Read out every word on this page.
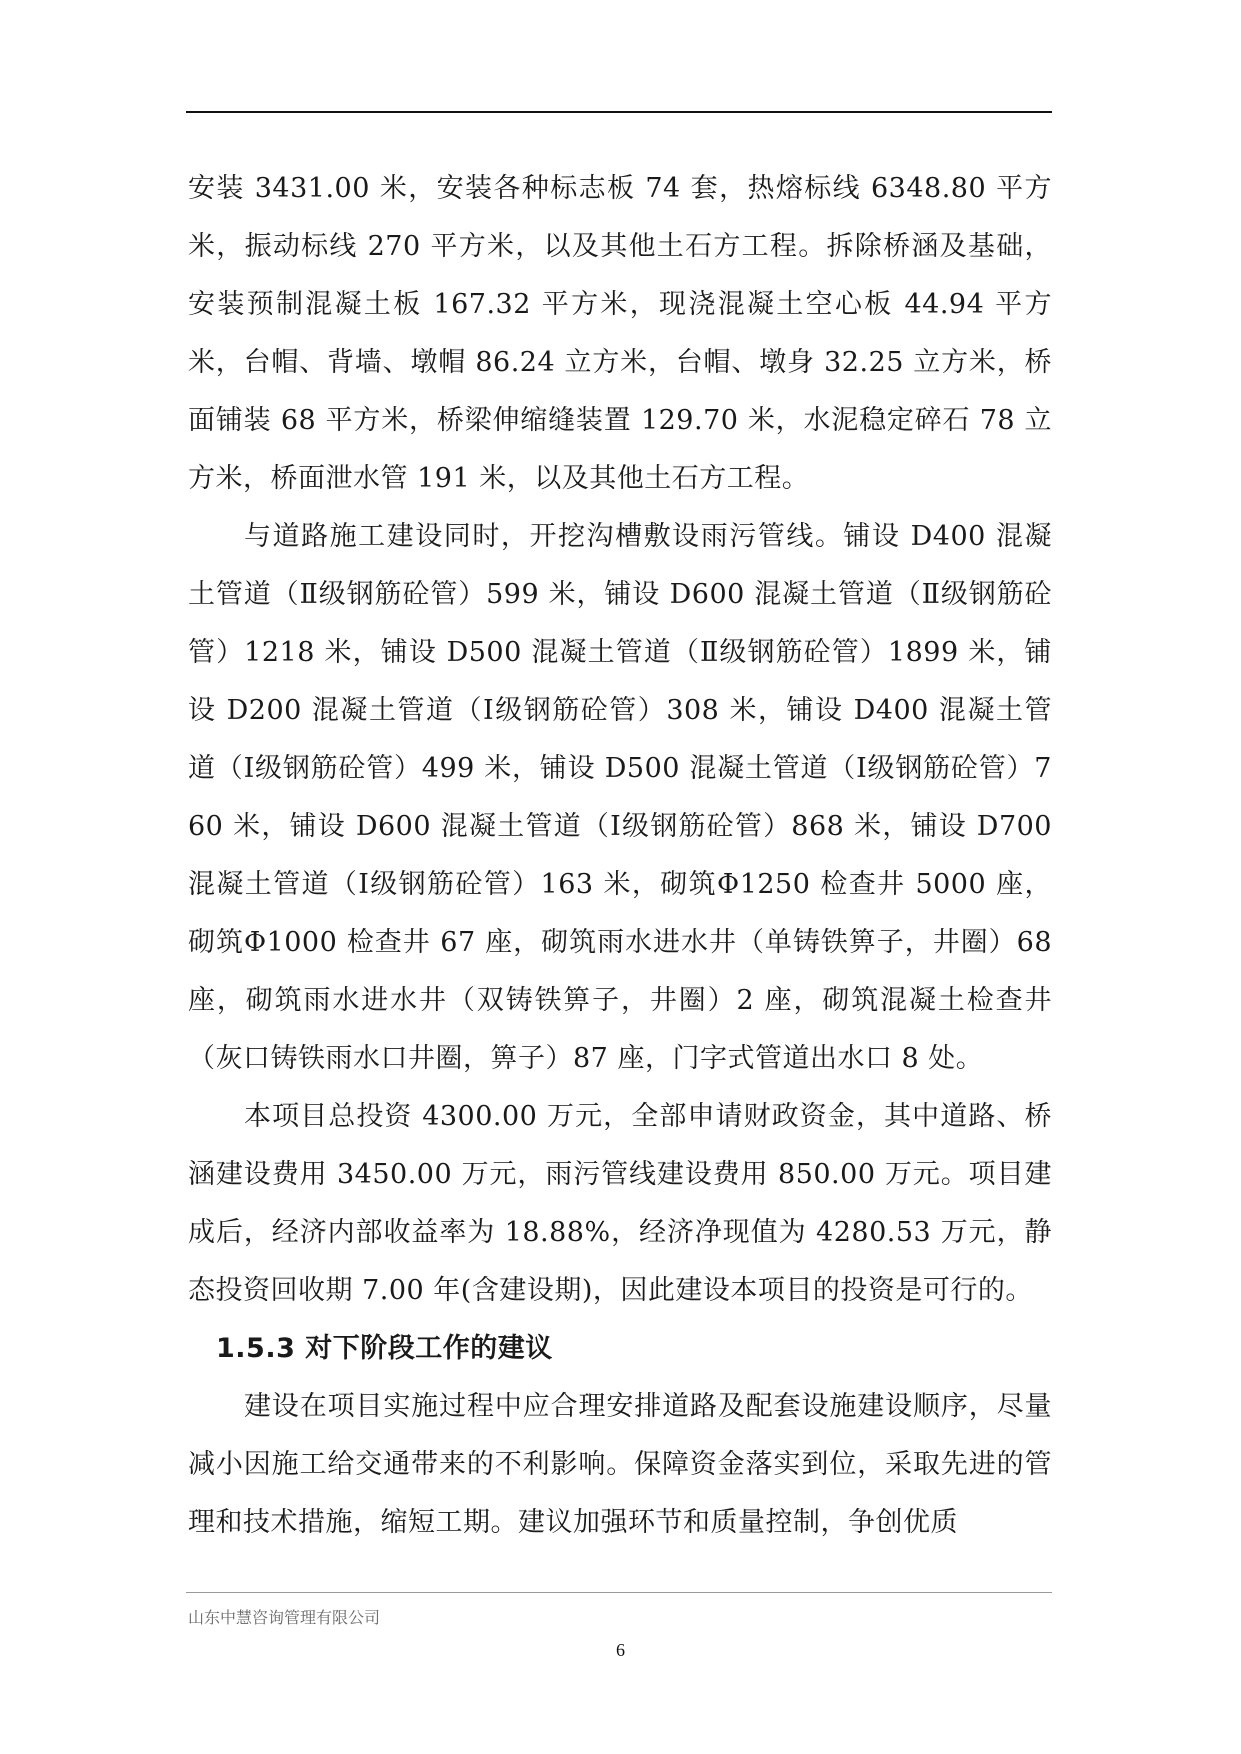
安装 3431.00 米，安装各种标志板 74 套，热熔标线 6348.80 平方米，振动标线 270 平方米，以及其他土石方工程。拆除桥涵及基础，安装预制混凝土板 167.32 平方米，现浇混凝土空心板 44.94 平方米，台帽、背墙、墩帽 86.24 立方米，台帽、墩身 32.25 立方米，桥面铺装 68 平方米，桥梁伸缩缝装置 129.70 米，水泥稳定碎石 78 立方米，桥面泄水管 191 米，以及其他土石方工程。

与道路施工建设同时，开挖沟槽敷设雨污管线。铺设 D400 混凝土管道（Ⅱ级钢筋砼管）599 米，铺设 D600 混凝土管道（Ⅱ级钢筋砼管）1218 米，铺设 D500 混凝土管道（Ⅱ级钢筋砼管）1899 米，铺设 D200 混凝土管道（Ⅰ级钢筋砼管）308 米，铺设 D400 混凝土管道（Ⅰ级钢筋砼管）499 米，铺设 D500 混凝土管道（Ⅰ级钢筋砼管）760 米，铺设 D600 混凝土管道（Ⅰ级钢筋砼管）868 米，铺设 D700 混凝土管道（Ⅰ级钢筋砼管）163 米，砌筑Φ1250 检查井 5000 座，砌筑Φ1000 检查井 67 座，砌筑雨水进水井（单铸铁箅子，井圈）68 座，砌筑雨水进水井（双铸铁箅子，井圈）2 座，砌筑混凝土检查井（灰口铸铁雨水口井圈，箅子）87 座，门字式管道出水口 8 处。

本项目总投资 4300.00 万元，全部申请财政资金，其中道路、桥涵建设费用 3450.00 万元，雨污管线建设费用 850.00 万元。项目建成后，经济内部收益率为 18.88%，经济净现值为 4280.53 万元，静态投资回收期 7.00 年(含建设期)，因此建设本项目的投资是可行的。

1.5.3 对下阶段工作的建议

建设在项目实施过程中应合理安排道路及配套设施建设顺序，尽量减小因施工给交通带来的不利影响。保障资金落实到位，采取先进的管理和技术措施，缩短工期。建议加强环节和质量控制，争创优质

山东中慧咨询管理有限公司
6
